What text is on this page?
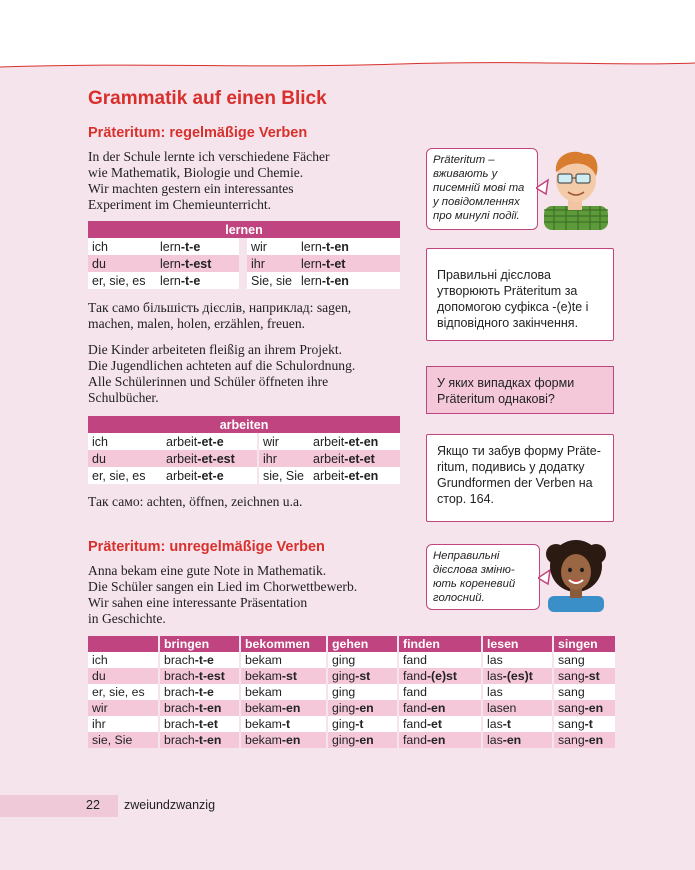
Grammatik auf einen Blick
Präteritum: regelmäßige Verben
In der Schule lernte ich verschiedene Fächer
wie Mathematik, Biologie und Chemie.
Wir machten gestern ein interessantes
Experiment im Chemieunterricht.
lernen				
ich	lern-t-e		wir	lern-t-en
du	lern-t-est		ihr	lern-t-et
er, sie, es	lern-t-e		Sie, sie	lern-t-en
Так само більшість дієслів, наприклад: sagen,
machen, malen, holen, erzählen, freuen.
Die Kinder arbeiteten fleißig an ihrem Projekt.
Die Jugendlichen achteten auf die Schulordnung.
Alle Schülerinnen und Schüler öffneten ihre
Schulbücher.
arbeiten				
ich	arbeit-et-e		wir	arbeit-et-en
du	arbeit-et-est		ihr	arbeit-et-et
er, sie, es	arbeit-et-e		sie, Sie	arbeit-et-en
Так само: achten, öffnen, zeichnen u.a.
Präteritum: unregelmäßige Verben
Anna bekam eine gute Note in Mathematik.
Die Schüler sangen ein Lied im Chorwettbewerb.
Wir sahen eine interessante Präsentation
in Geschichte.
	bringen	bekommen	gehen	finden	lesen	singen
ich	brach-t-e	bekam	ging	fand	las	sang
du	brach-t-est	bekam-st	ging-st	fand-(e)st	las-(es)t	sang-st
er, sie, es	brach-t-e	bekam	ging	fand	las	sang
wir	brach-t-en	bekam-en	ging-en	fand-en	lasen	sang-en
ihr	brach-t-et	bekam-t	ging-t	fand-et	las-t	sang-t
sie, Sie	brach-t-en	bekam-en	ging-en	fand-en	las-en	sang-en
Präteritum –
вживають у
писемній мові та
у повідомленнях
про минулі події.
Правильні дієслова
утворюють Präteritum за
допомогою суфікса -(e)te і
відповідного закінчення.
У яких випадках форми
Präteritum однакові?
Якщо ти забув форму Präte-
ritum, подивись у додатку
Grundformen der Verben на
стор. 164.
Неправильні
дієслова зміню-
ють кореневий
голосний.
22 zweiundzwanzig
